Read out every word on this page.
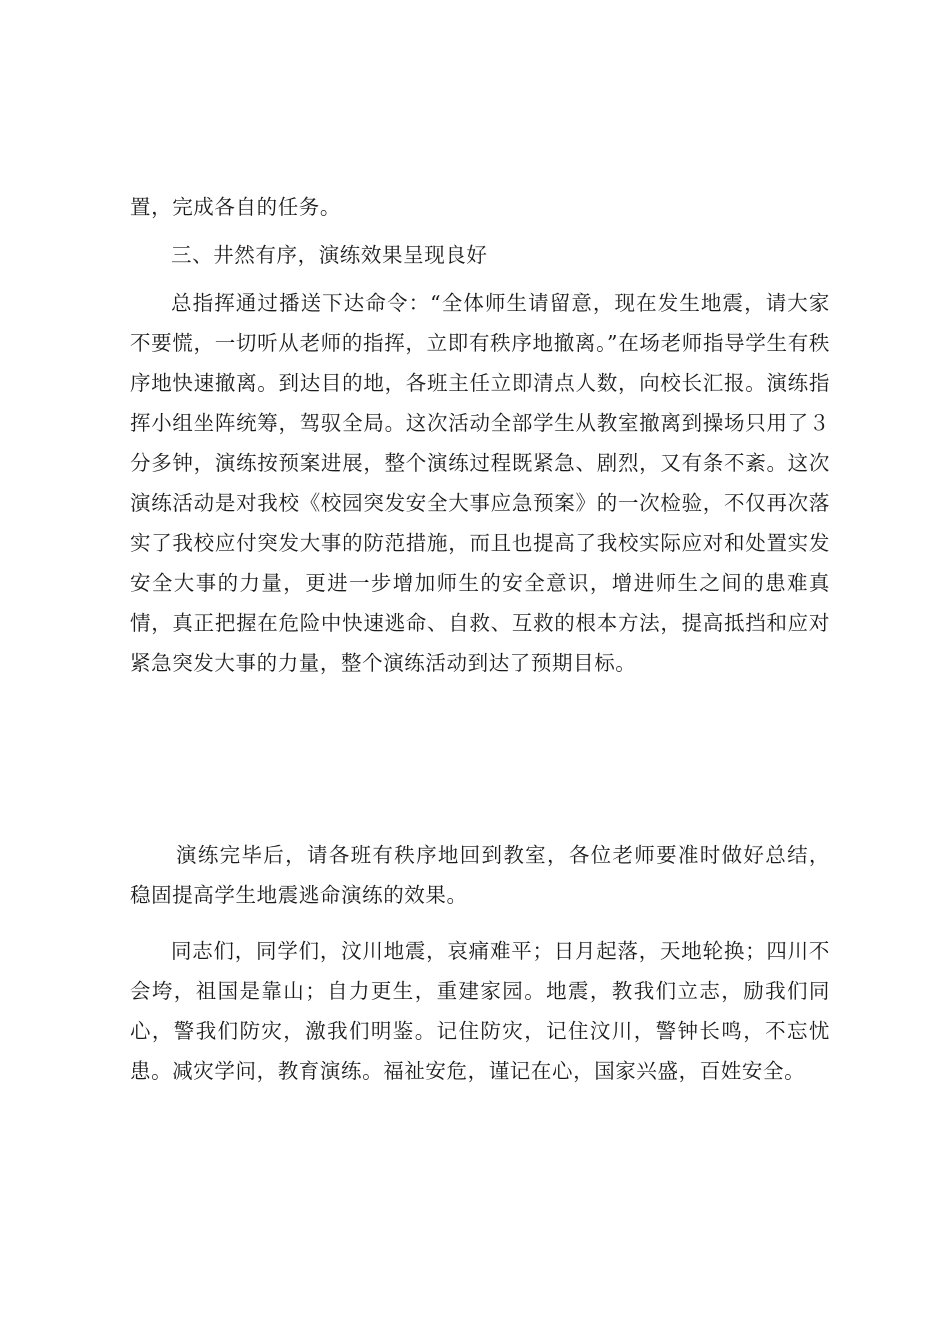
置，完成各自的任务。

三、井然有序，演练效果呈现良好

总指挥通过播送下达命令：“全体师生请留意，现在发生地震，请大家不要慌，一切听从老师的指挥，立即有秩序地撤离。”在场老师指导学生有秩序地快速撤离。到达目的地，各班主任立即清点人数，向校长汇报。演练指挥小组坐阵统筹，驾驭全局。这次活动全部学生从教室撤离到操场只用了３分多钟，演练按预案进展，整个演练过程既紧急、剧烈，又有条不紊。这次演练活动是对我校《校园突发安全大事应急预案》的一次检验，不仅再次落实了我校应付突发大事的防范措施，而且也提高了我校实际应对和处置实发安全大事的力量，更进一步增加师生的安全意识，增进师生之间的患难真情，真正把握在危险中快速逃命、自救、互救的根本方法，提高抵挡和应对紧急突发大事的力量，整个演练活动到达了预期目标。

演练完毕后，请各班有秩序地回到教室，各位老师要准时做好总结，稳固提高学生地震逃命演练的效果。

同志们，同学们，汶川地震，哀痛难平；日月起落，天地轮换；四川不会垮，祖国是靠山；自力更生，重建家园。地震，教我们立志，励我们同心，警我们防灾，激我们明鉴。记住防灾，记住汶川，警钟长鸣，不忘忧患。减灾学问，教育演练。福祉安危，谨记在心，国家兴盛，百姓安全。
